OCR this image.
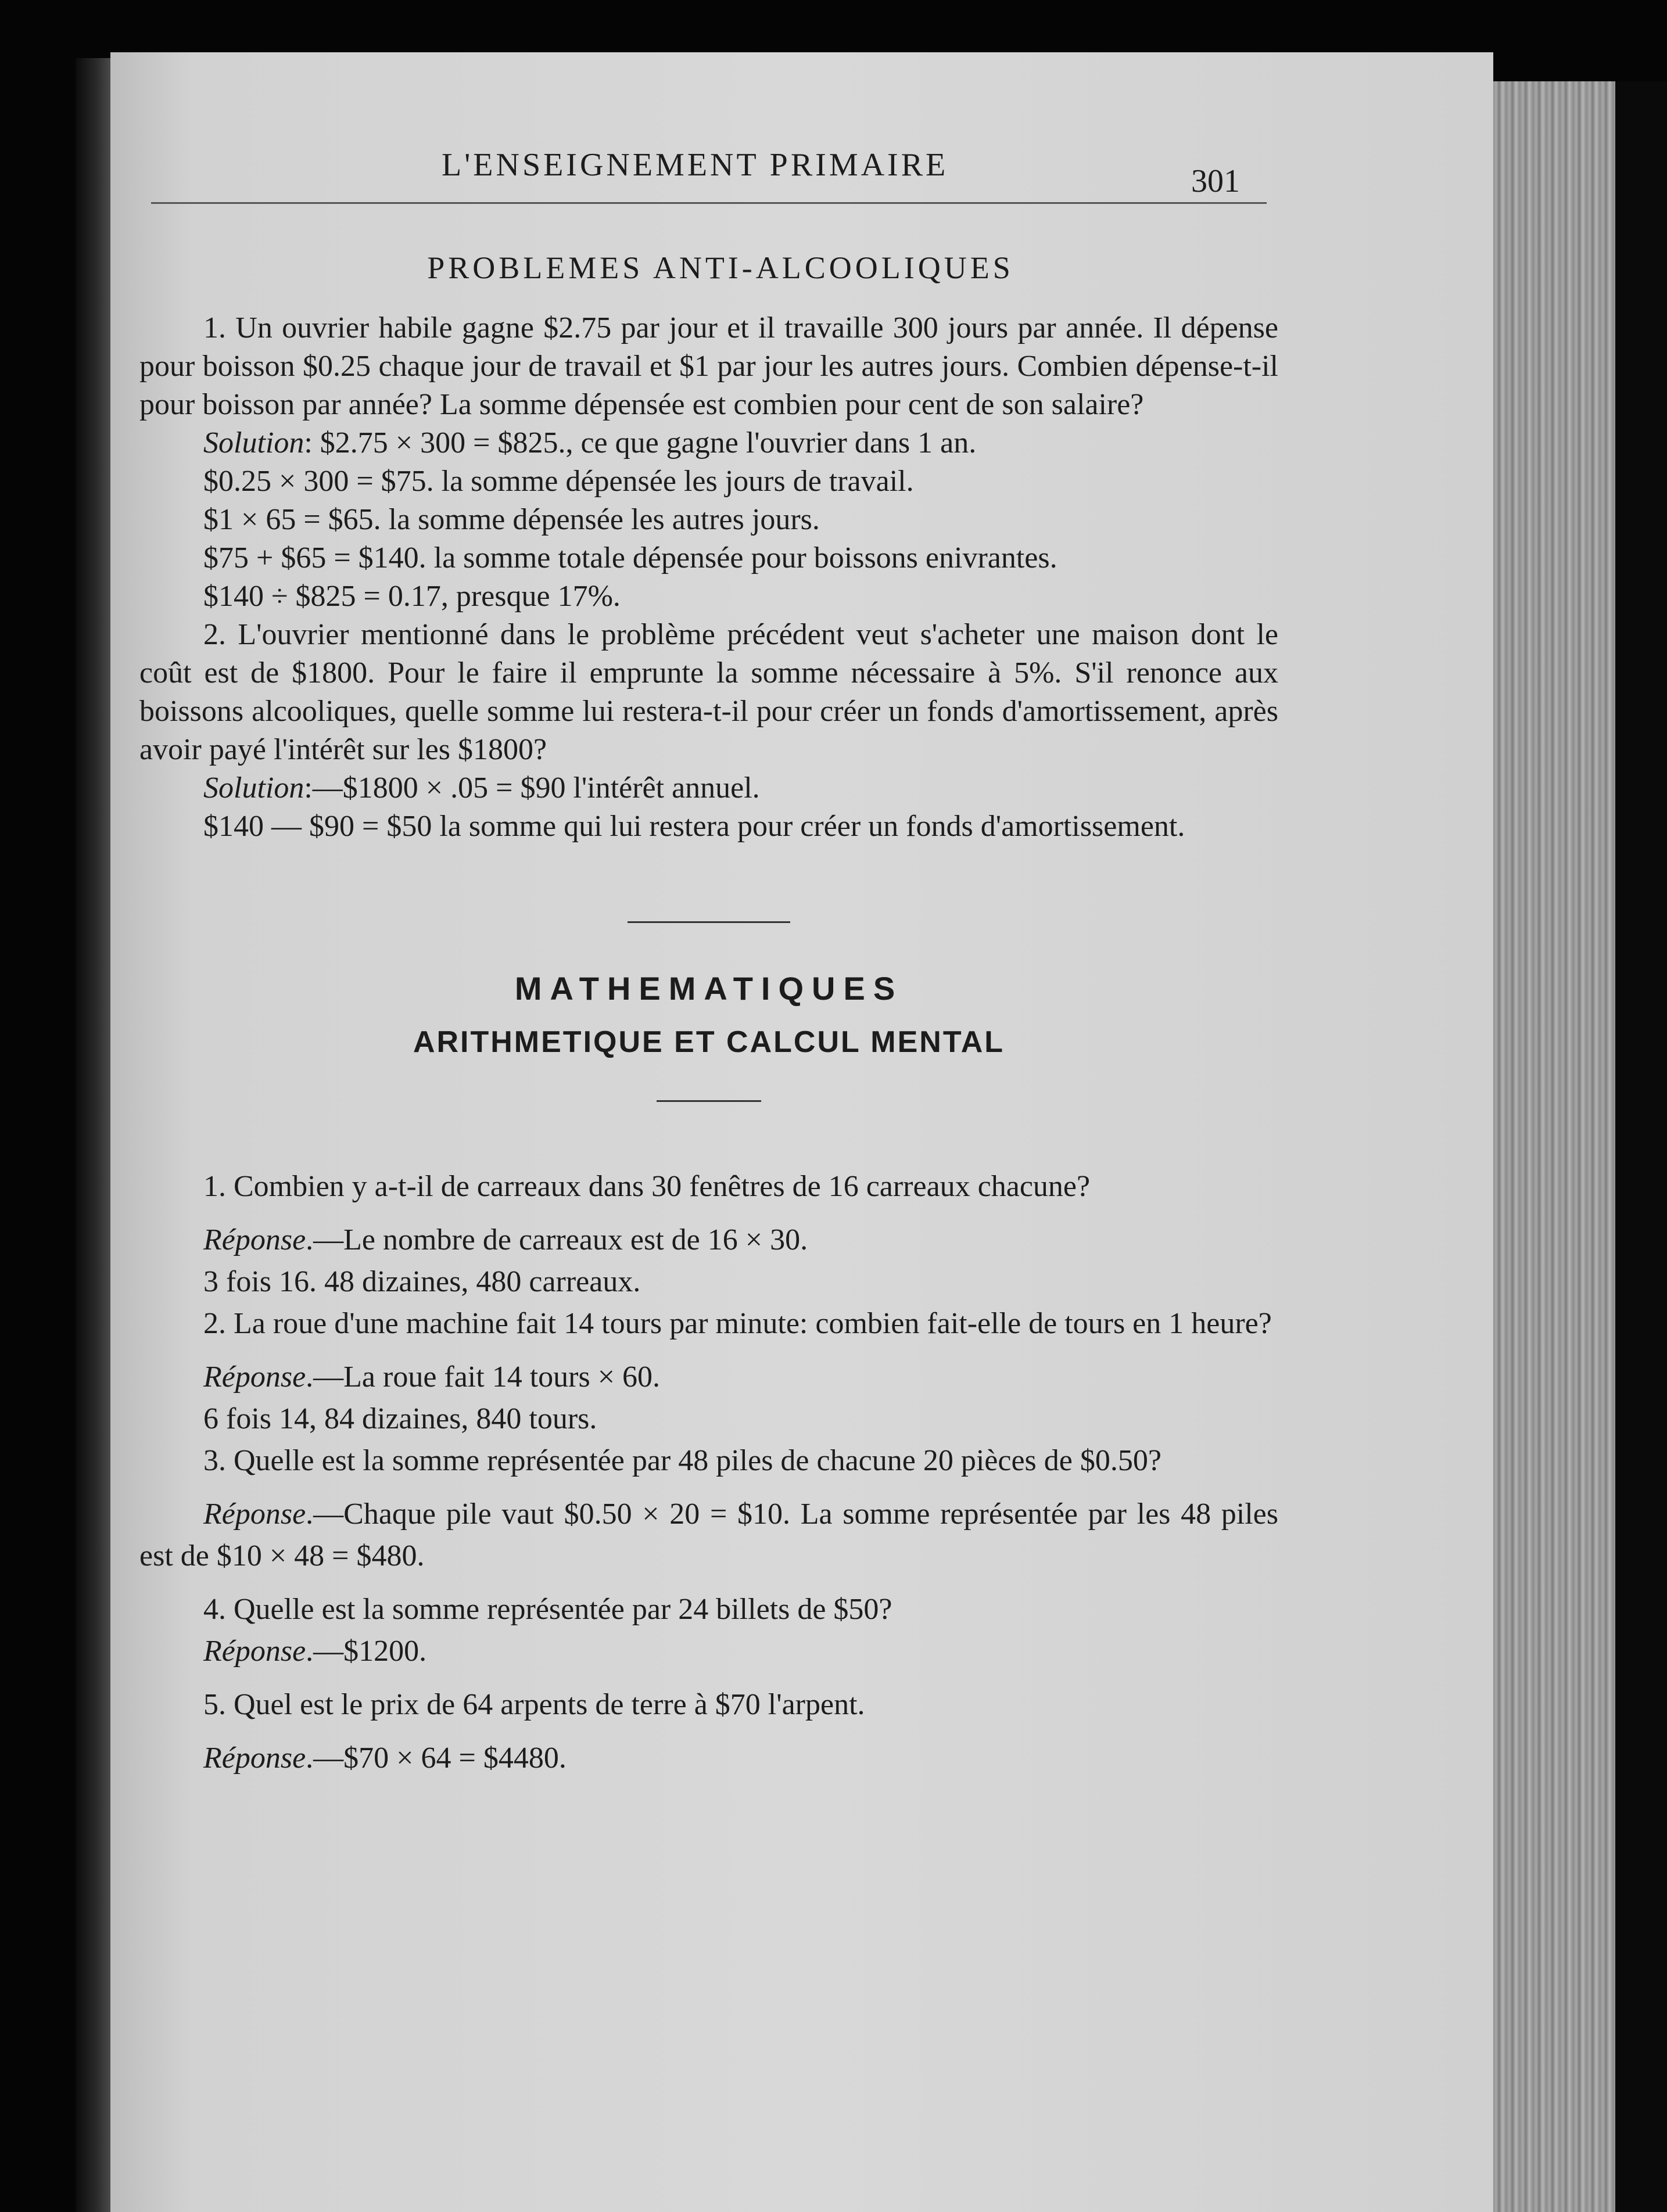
L'ENSEIGNEMENT PRIMAIRE	301
PROBLEMES ANTI-ALCOOLIQUES

1. Un ouvrier habile gagne $2.75 par jour et il travaille 300 jours par année. Il dépense pour boisson $0.25 chaque jour de travail et $1 par jour les autres jours. Combien dépense-t-il pour boisson par année? La somme dépensée est combien pour cent de son salaire?

Solution: $2.75 × 300 = $825., ce que gagne l'ouvrier dans 1 an.

$0.25 × 300 = $75. la somme dépensée les jours de travail.

$1 × 65 = $65. la somme dépensée les autres jours.

$75 + $65 = $140. la somme totale dépensée pour boissons enivrantes.

$140 ÷ $825 = 0.17, presque 17%.

2. L'ouvrier mentionné dans le problème précédent veut s'acheter une maison dont le coût est de $1800. Pour le faire il emprunte la somme nécessaire à 5%. S'il renonce aux boissons alcooliques, quelle somme lui restera-t-il pour créer un fonds d'amortissement, après avoir payé l'intérêt sur les $1800?

Solution:—$1800 × .05 = $90 l'intérêt annuel.

$140 — $90 = $50 la somme qui lui restera pour créer un fonds d'amortissement.

MATHEMATIQUES
ARITHMETIQUE ET CALCUL MENTAL

1. Combien y a-t-il de carreaux dans 30 fenêtres de 16 carreaux chacune?

Réponse.—Le nombre de carreaux est de 16 × 30.

3 fois 16. 48 dizaines, 480 carreaux.

2. La roue d'une machine fait 14 tours par minute: combien fait-elle de tours en 1 heure?

Réponse.—La roue fait 14 tours × 60.

6 fois 14, 84 dizaines, 840 tours.

3. Quelle est la somme représentée par 48 piles de chacune 20 pièces de $0.50?

Réponse.—Chaque pile vaut $0.50 × 20 = $10. La somme représentée par les 48 piles est de $10 × 48 = $480.

4. Quelle est la somme représentée par 24 billets de $50?

Réponse.—$1200.

5. Quel est le prix de 64 arpents de terre à $70 l'arpent.

Réponse.—$70 × 64 = $4480.
